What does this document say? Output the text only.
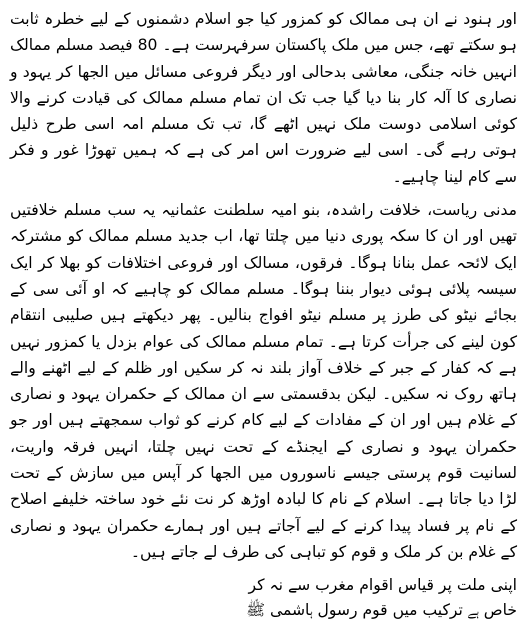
اور ہنود نے ان ہی ممالک کو کمزور کیا جو اسلام دشمنوں کے لیے خطرہ ثابت ہو سکتے تھے، جس میں ملک پاکستان سرفہرست ہے۔ 80 فیصد مسلم ممالک انہیں خانہ جنگی، معاشی بدحالی اور دیگر فروعی مسائل میں الجھا کر یہود و نصاری کا آلہ کار بنا دیا گیا جب تک ان تمام مسلم ممالک کی قیادت کرنے والا کوئی اسلامی دوست ملک نہیں اٹھے گا، تب تک مسلم امہ اسی طرح ذلیل ہوتی رہے گی۔ اسی لیے ضرورت اس امر کی ہے کہ ہمیں تھوڑا غور و فکر سے کام لینا چاہیے۔

مدنی ریاست، خلافت راشدہ، بنو امیہ سلطنت عثمانیہ یہ سب مسلم خلافتیں تھیں اور ان کا سکہ پوری دنیا میں چلتا تھا، اب جدید مسلم ممالک کو مشترکہ ایک لائحہ عمل بنانا ہوگا۔ فرقوں، مسالک اور فروعی اختلافات کو بھلا کر ایک سیسہ پلائی ہوئی دیوار بننا ہوگا۔ مسلم ممالک کو چاہیے کہ او آئی سی کے بجائے نیٹو کی طرز پر مسلم نیٹو افواج بنالیں۔ پھر دیکھتے ہیں صلیبی انتقام کون لینے کی جرأت کرتا ہے۔ تمام مسلم ممالک کی عوام بزدل یا کمزور نہیں ہے کہ کفار کے جبر کے خلاف آواز بلند نہ کر سکیں اور ظلم کے لیے اٹھنے والے ہاتھ روک نہ سکیں۔ لیکن بدقسمتی سے ان ممالک کے حکمران یہود و نصاری کے غلام ہیں اور ان کے مفادات کے لیے کام کرنے کو ثواب سمجھتے ہیں اور جو حکمران یہود و نصاری کے ایجنڈے کے تحت نہیں چلتا، انہیں فرقہ واریت، لسانیت قوم پرستی جیسے ناسوروں میں الجھا کر آپس میں سازش کے تحت لڑا دیا جاتا ہے۔ اسلام کے نام کا لبادہ اوڑھ کر نت نئے خود ساختہ خلیفے اصلاح کے نام پر فساد پیدا کرنے کے لیے آجاتے ہیں اور ہمارے حکمران یہود و نصاری کے غلام بن کر ملک و قوم کو تباہی کی طرف لے جاتے ہیں۔

اپنی ملت پر قیاس اقوام مغرب سے نہ کر
خاص ہے ترکیب میں قوم رسول ہاشمی ﷺ
